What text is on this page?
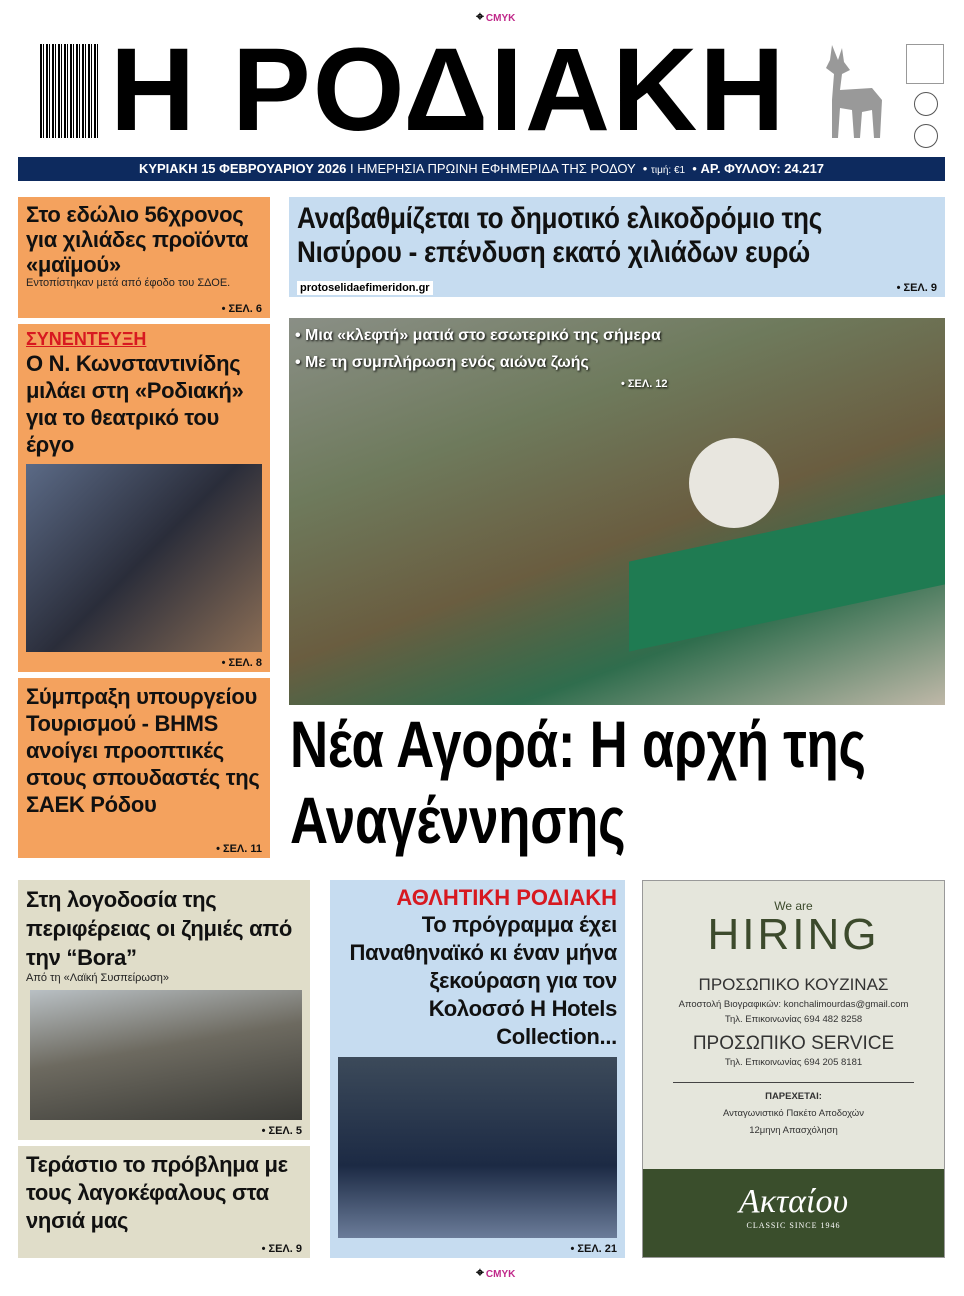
⌖ CMYK
Η ΡΟΔΙΑΚΗ
ΚΥΡΙΑΚΗ 15 ΦΕΒΡΟΥΑΡΙΟΥ 2026 Ι ΗΜΕΡΗΣΙΑ ΠΡΩΙΝΗ ΕΦΗΜΕΡΙΔΑ ΤΗΣ ΡΟΔΟΥ  • τιμή: €1  • ΑΡ. ΦΥΛΛΟΥ: 24.217
Στο εδώλιο 56χρονος για χιλιάδες προϊόντα «μαϊμού»
Εντοπίστηκαν μετά από έφοδο του ΣΔΟΕ.
• ΣΕΛ. 6
ΣΥΝΕΝΤΕΥΞΗ
Ο Ν. Κωνσταντινίδης μιλάει στη «Ροδιακή» για το θεατρικό του έργο
• ΣΕΛ. 8
Σύμπραξη υπουργείου Τουρισμού - ΒΗΜS ανοίγει προοπτικές στους σπουδαστές της ΣΑΕΚ Ρόδου
• ΣΕΛ. 11
Αναβαθμίζεται το δημοτικό ελικοδρόμιο της Νισύρου - επένδυση εκατό χιλιάδων ευρώ
protoselidaefimeridon.gr	• ΣΕΛ. 9
• Μια «κλεφτή» ματιά στο εσωτερικό της σήμερα
• Με τη συμπλήρωση ενός αιώνα ζωής
• ΣΕΛ. 12
Νέα Αγορά: Η αρχή της Αναγέννησης
Στη λογοδοσία της περιφέρειας οι ζημιές από την “Bora”
Από τη «Λαϊκή Συσπείρωση»
• ΣΕΛ. 5
Τεράστιο το πρόβλημα με τους λαγοκέφαλους στα νησιά μας
• ΣΕΛ. 9
ΑΘΛΗΤΙΚΗ ΡΟΔΙΑΚΗ
Το πρόγραμμα έχει Παναθηναϊκό κι έναν μήνα ξεκούραση για τον Κολοσσό Η Hotels Collection...
• ΣΕΛ. 21
We are
HIRING
ΠΡΟΣΩΠΙΚΟ ΚΟΥΖΙΝΑΣ
Αποστολή Βιογραφικών: konchalimourdas@gmail.com
Τηλ. Επικοινωνίας 694 482 8258
ΠΡΟΣΩΠΙΚΟ SERVICE
Τηλ. Επικοινωνίας 694 205 8181
ΠΑΡΕΧΕΤΑΙ:
Ανταγωνιστικό Πακέτο Αποδοχών
12μηνη Απασχόληση
Ακταίου
CLASSIC SINCE 1946
⌖ CMYK
